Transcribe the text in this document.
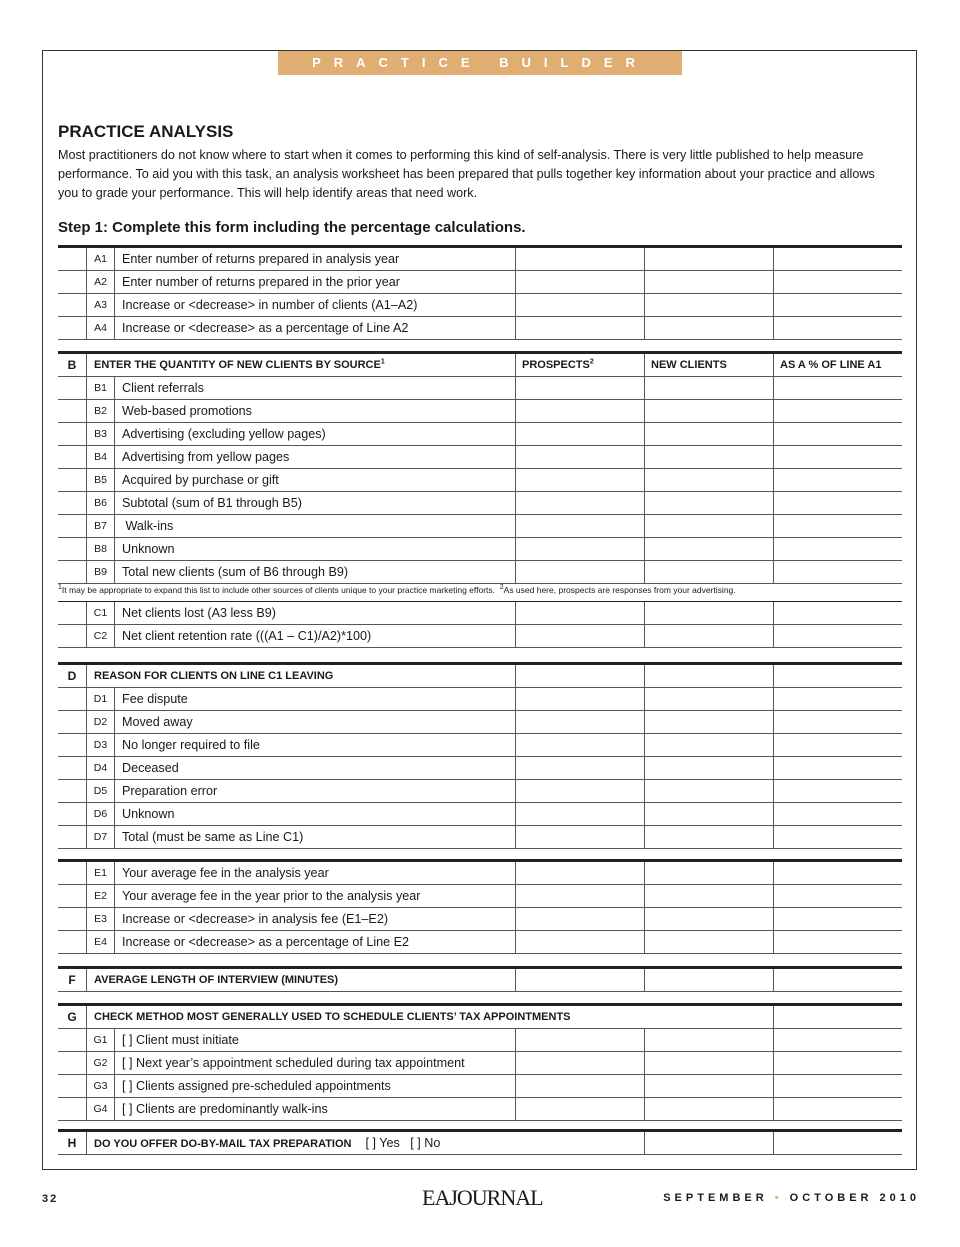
PRACTICE BUILDER
PRACTICE ANALYSIS
Most practitioners do not know where to start when it comes to performing this kind of self-analysis. There is very little published to help measure performance. To aid you with this task, an analysis worksheet has been prepared that pulls together key information about your practice and allows you to grade your performance. This will help identify areas that need work.
Step 1: Complete this form including the percentage calculations.
A1	Enter number of returns prepared in analysis year
A2	Enter number of returns prepared in the prior year
A3	Increase or <decrease> in number of clients (A1–A2)
A4	Increase or <decrease> as a percentage of Line A2
B	ENTER THE QUANTITY OF NEW CLIENTS BY SOURCE$^1$	PROSPECTS$^2$	NEW CLIENTS	AS A % OF LINE A1
B1	Client referrals
B2	Web-based promotions
B3	Advertising (excluding yellow pages)
B4	Advertising from yellow pages
B5	Acquired by purchase or gift
B6	Subtotal (sum of B1 through B5)
B7	Walk-ins
B8	Unknown
B9	Total new clients (sum of B6 through B9)
$^1$It may be appropriate to expand this list to include other sources of clients unique to your practice marketing efforts. $^2$As used here, prospects are responses from your advertising.
C1	Net clients lost (A3 less B9)
C2	Net client retention rate (((A1 – C1)/A2)*100)
D	REASON FOR CLIENTS ON LINE C1 LEAVING
D1	Fee dispute
D2	Moved away
D3	No longer required to file
D4	Deceased
D5	Preparation error
D6	Unknown
D7	Total (must be same as Line C1)
E1	Your average fee in the analysis year
E2	Your average fee in the year prior to the analysis year
E3	Increase or <decrease> in analysis fee (E1–E2)
E4	Increase or <decrease> as a percentage of Line E2
F	AVERAGE LENGTH OF INTERVIEW (MINUTES)
G	CHECK METHOD MOST GENERALLY USED TO SCHEDULE CLIENTS’ TAX APPOINTMENTS
G1	[ ] Client must initiate
G2	[ ] Next year’s appointment scheduled during tax appointment
G3	[ ] Clients assigned pre-scheduled appointments
G4	[ ] Clients are predominantly walk-ins
H	DO YOU OFFER DO-BY-MAIL TAX PREPARATION [ ] Yes   [ ] No
32	EAJOURNAL	SEPTEMBER • OCTOBER 2010
